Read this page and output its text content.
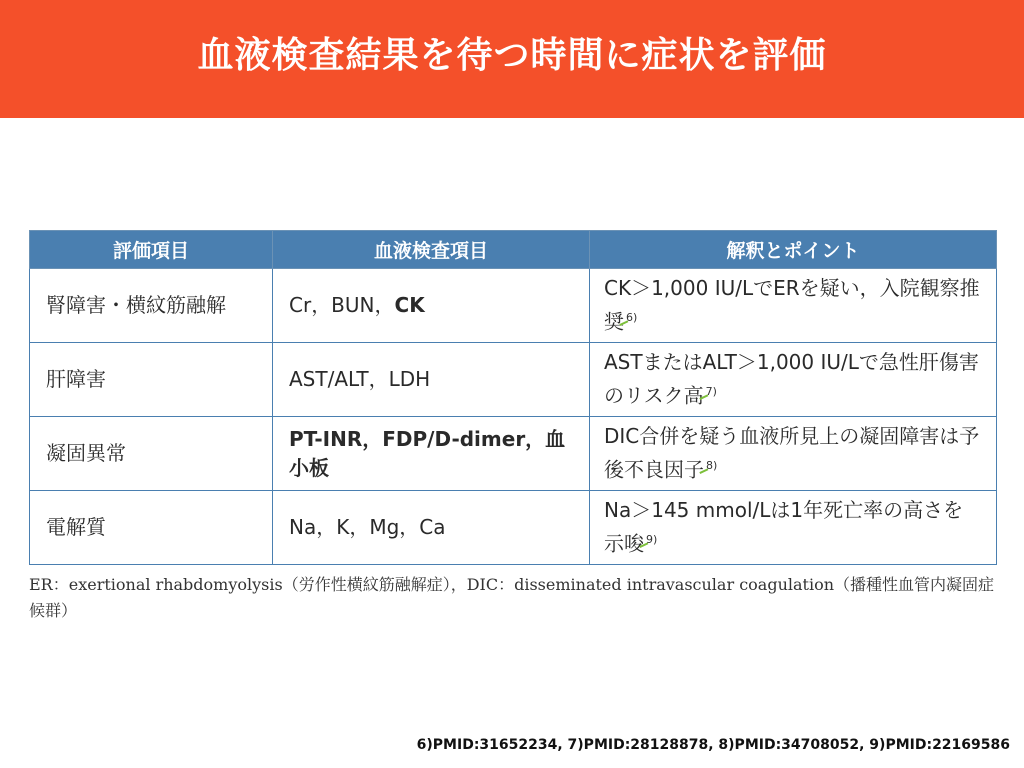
血液検査結果を待つ時間に症状を評価
評価項目	血液検査項目	解釈とポイント
腎障害・横紋筋融解	Cr，BUN，CK	CK＞1,000 IU/LでERを疑い，入院観察推奨 $^{6)}$
肝障害	AST/ALT，LDH	ASTまたはALT＞1,000 IU/Lで急性肝傷害のリスク高 $^{7)}$
凝固異常	PT-INR，FDP/D-dimer，血小板	DIC合併を疑う血液所見上の凝固障害は予後不良因子 $^{8)}$
電解質	Na，K，Mg，Ca	Na＞145 mmol/Lは1年死亡率の高さを示唆 $^{9)}$
ER：exertional rhabdomyolysis（労作性横紋筋融解症），DIC：disseminated intravascular coagulation（播種性血管内凝固症候群）
6)PMID:31652234, 7)PMID:28128878, 8)PMID:34708052, 9)PMID:22169586
